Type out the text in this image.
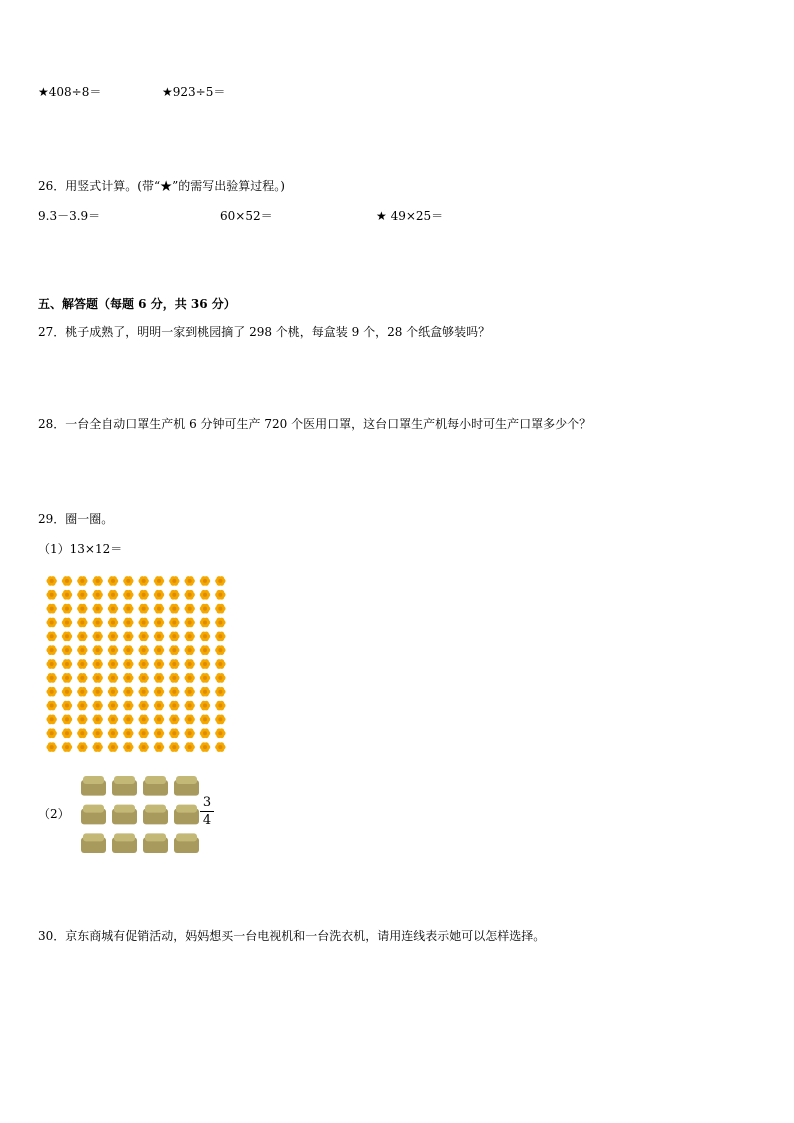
★408÷8＝	★923÷5＝
26．用竖式计算。(带“★”的需写出验算过程。)
9.3－3.9＝	60×52＝	★ 49×25＝
五、解答题（每题 6 分，共 36 分）
27．桃子成熟了，明明一家到桃园摘了 298 个桃，每盒装 9 个，28 个纸盒够装吗？
28．一台全自动口罩生产机 6 分钟可生产 720 个医用口罩，这台口罩生产机每小时可生产口罩多少个？
29．圈一圈。
（1）13×12＝
（2）
3
4
30．京东商城有促销活动，妈妈想买一台电视机和一台洗衣机，请用连线表示她可以怎样选择。
